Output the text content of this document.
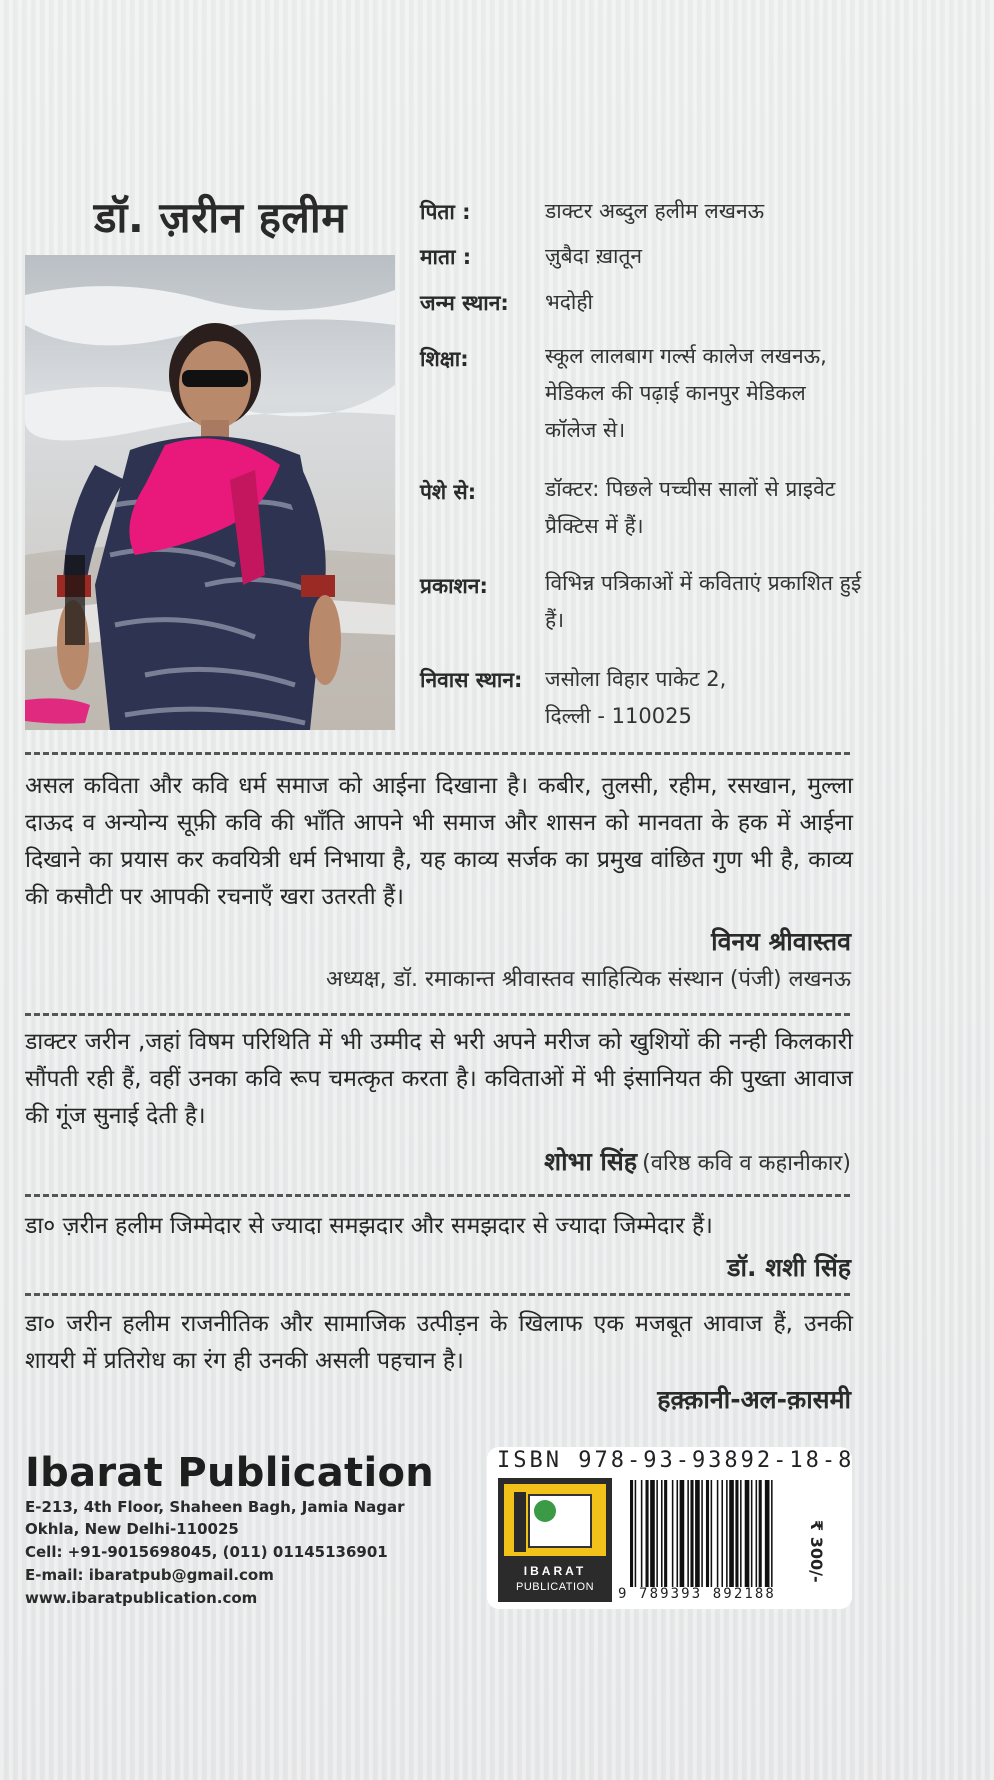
डॉ. ज़रीन हलीम	पिता :	डाक्टर अब्दुल हलीम लखनऊ
माता :	ज़ुबैदा ख़ातून
जन्म स्थान: भदोही
शिक्षा:	स्कूल लालबाग गर्ल्स कालेज लखनऊ, मेडिकल की पढ़ाई कानपुर मेडिकल कॉलेज से।
पेशे से:	डॉक्टर: पिछले पच्चीस सालों से प्राइवेट प्रैक्टिस में हैं।
प्रकाशन:	विभिन्न पत्रिकाओं में कविताएं प्रकाशित हुई हैं।
निवास स्थान: जसोला विहार पाकेट 2,
दिल्ली - 110025
असल कविता और कवि धर्म समाज को आईना दिखाना है। कबीर, तुलसी, रहीम, रसखान, मुल्ला दाऊद व अन्योन्य सूफ़ी कवि की भाँति आपने भी समाज और शासन को मानवता के हक में आईना दिखाने का प्रयास कर कवयित्री धर्म निभाया है, यह काव्य सर्जक का प्रमुख वांछित गुण भी है, काव्य की कसौटी पर आपकी रचनाएँ खरा उतरती हैं।
विनय श्रीवास्तव
अध्यक्ष, डॉ. रमाकान्त श्रीवास्तव साहित्यिक संस्थान (पंजी) लखनऊ
डाक्टर जरीन ,जहां विषम परिथिति में भी उम्मीद से भरी अपने मरीज को खुशियों की नन्ही किलकारी सौंपती रही हैं, वहीं उनका कवि रूप चमत्कृत करता है। कविताओं में भी इंसानियत की पुख्ता आवाज की गूंज सुनाई देती है।
शोभा सिंह (वरिष्ठ कवि व कहानीकार)
डा० ज़रीन हलीम जिम्मेदार से ज्यादा समझदार और समझदार से ज्यादा जिम्मेदार हैं।
डॉ. शशी सिंह
डा० जरीन हलीम राजनीतिक और सामाजिक उत्पीड़न के खिलाफ एक मजबूत आवाज हैं, उनकी शायरी में प्रतिरोध का रंग ही उनकी असली पहचान है।
हक़्क़ानी-अल-क़ासमी
Ibarat Publication
E-213, 4th Floor, Shaheen Bagh, Jamia Nagar
Okhla, New Delhi-110025
Cell: +91-9015698045, (011) 01145136901
E-mail: ibaratpub@gmail.com
www.ibaratpublication.com
ISBN 978-93-93892-18-8
IBARAT
PUBLICATION	9 789393 892188
₹ 300/-
